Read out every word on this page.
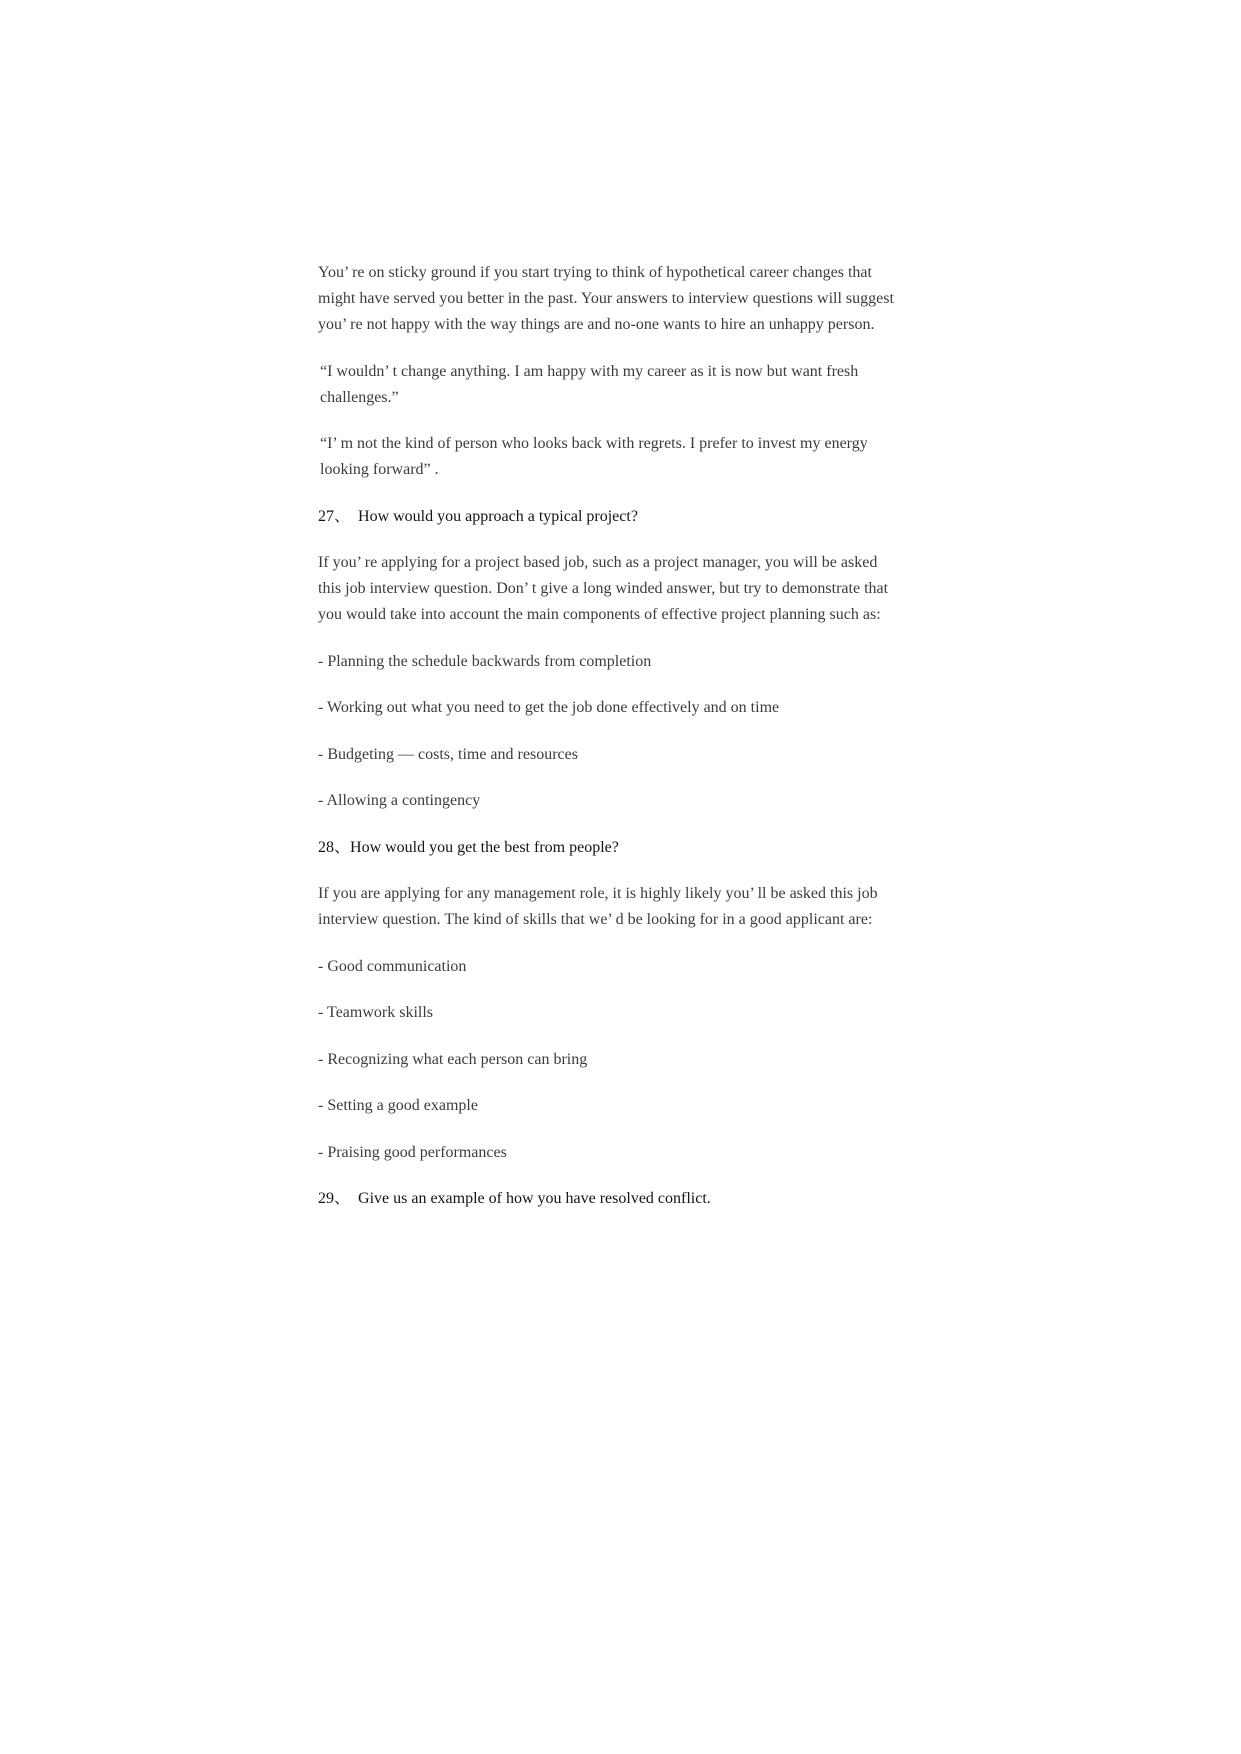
You’ re on sticky ground if you start trying to think of hypothetical career changes that
might have served you better in the past. Your answers to interview questions will suggest
you’ re not happy with the way things are and no-one wants to hire an unhappy person.
“I wouldn’ t change anything. I am happy with my career as it is now but want fresh
challenges.”
“I’ m not the kind of person who looks back with regrets. I prefer to invest my energy
looking forward” .
27、 How would you approach a typical project?
If you’ re applying for a project based job, such as a project manager, you will be asked
this job interview question. Don’ t give a long winded answer, but try to demonstrate that
you would take into account the main components of effective project planning such as:
- Planning the schedule backwards from completion
- Working out what you need to get the job done effectively and on time
- Budgeting — costs, time and resources
- Allowing a contingency
28、How would you get the best from people?
If you are applying for any management role, it is highly likely you’ ll be asked this job
interview question. The kind of skills that we’ d be looking for in a good applicant are:
- Good communication
- Teamwork skills
- Recognizing what each person can bring
- Setting a good example
- Praising good performances
29、 Give us an example of how you have resolved conflict.
